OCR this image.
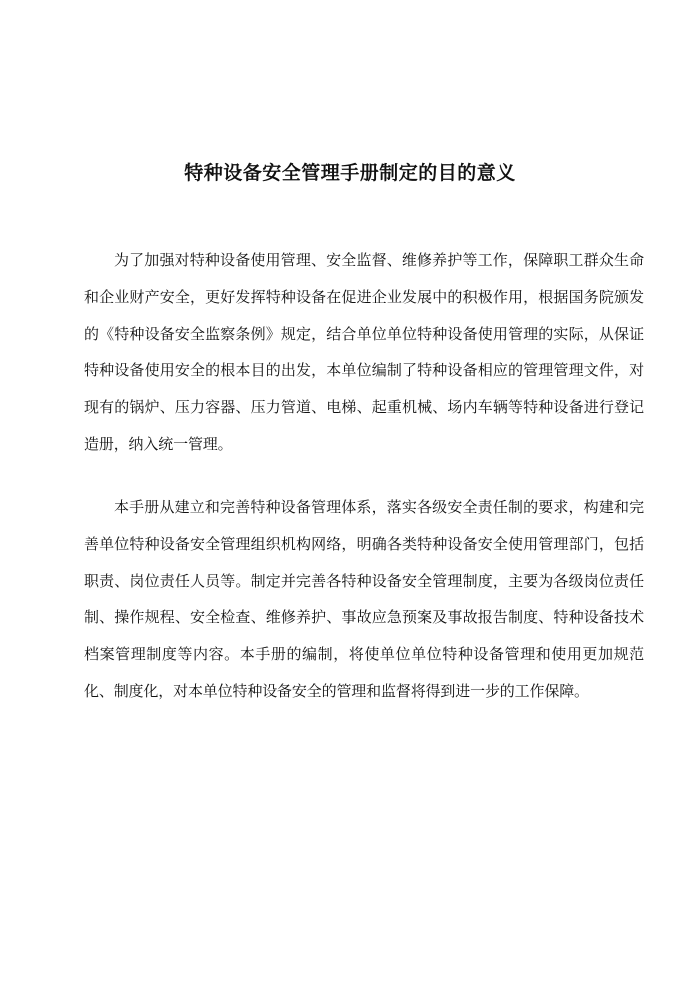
特种设备安全管理手册制定的目的意义

为了加强对特种设备使用管理、安全监督、维修养护等工作，保障职工群众生命和企业财产安全，更好发挥特种设备在促进企业发展中的积极作用，根据国务院颁发的《特种设备安全监察条例》规定，结合单位单位特种设备使用管理的实际，从保证特种设备使用安全的根本目的出发，本单位编制了特种设备相应的管理管理文件，对现有的锅炉、压力容器、压力管道、电梯、起重机械、场内车辆等特种设备进行登记造册，纳入统一管理。

本手册从建立和完善特种设备管理体系，落实各级安全责任制的要求，构建和完善单位特种设备安全管理组织机构网络，明确各类特种设备安全使用管理部门，包括职责、岗位责任人员等。制定并完善各特种设备安全管理制度，主要为各级岗位责任制、操作规程、安全检查、维修养护、事故应急预案及事故报告制度、特种设备技术档案管理制度等内容。本手册的编制，将使单位单位特种设备管理和使用更加规范化、制度化，对本单位特种设备安全的管理和监督将得到进一步的工作保障。
